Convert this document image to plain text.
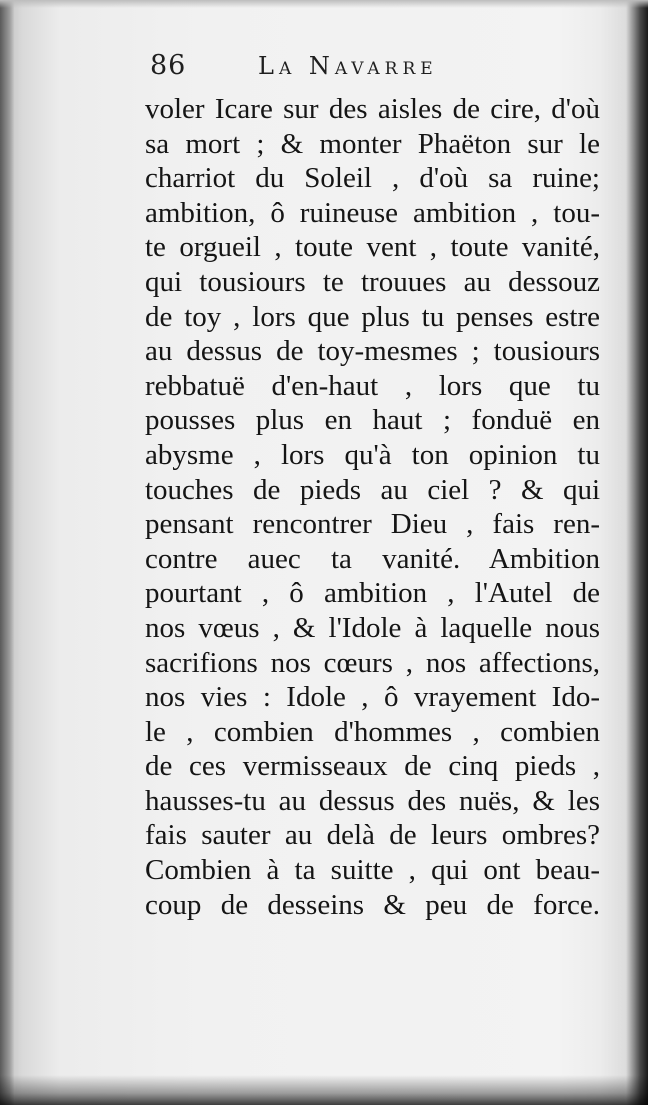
86	La Navarre
voler Icare sur des aisles de cire, d'où
sa mort ; & monter Phaëton sur le
charriot du Soleil , d'où sa ruine;
ambition, ô ruineuse ambition , tou-
te orgueil , toute vent , toute vanité,
qui tousiours te trouues au dessouz
de toy , lors que plus tu penses estre
au dessus de toy-mesmes ; tousiours
rebbatuë d'en-haut , lors que tu
pousses plus en haut ; fonduë en
abysme , lors qu'à ton opinion tu
touches de pieds au ciel ? & qui
pensant rencontrer Dieu , fais ren-
contre auec ta vanité. Ambition
pourtant , ô ambition , l'Autel de
nos vœus , & l'Idole à laquelle nous
sacrifions nos cœurs , nos affections,
nos vies : Idole , ô vrayement Ido-
le , combien d'hommes , combien
de ces vermisseaux de cinq pieds ,
hausses-tu au dessus des nuës, & les
fais sauter au delà de leurs ombres?
Combien à ta suitte , qui ont beau-
coup de desseins & peu de force.
